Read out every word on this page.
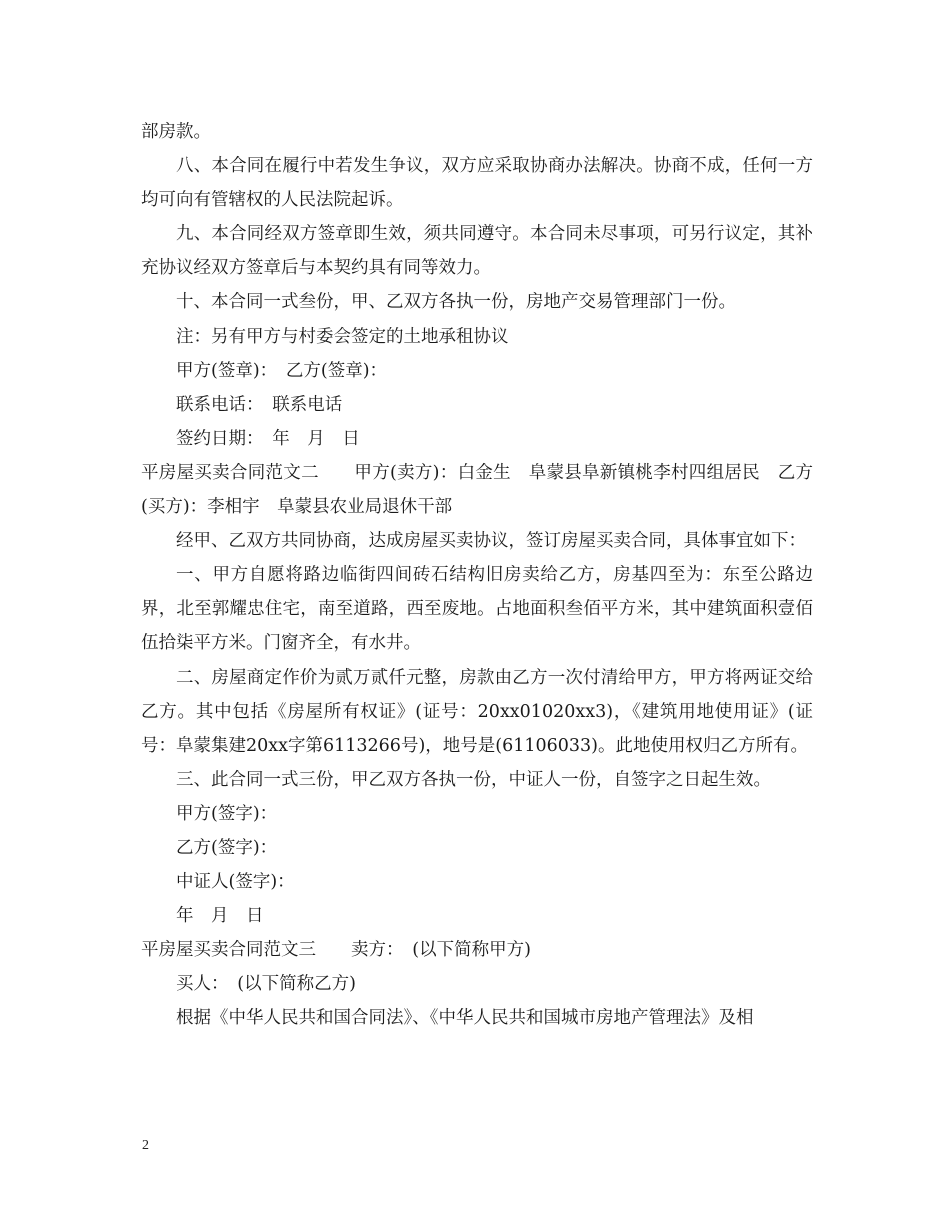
部房款。

八、本合同在履行中若发生争议，双方应采取协商办法解决。协商不成，任何一方均可向有管辖权的人民法院起诉。

九、本合同经双方签章即生效，须共同遵守。本合同未尽事项，可另行议定，其补充协议经双方签章后与本契约具有同等效力。

十、本合同一式叁份，甲、乙双方各执一份，房地产交易管理部门一份。

注：另有甲方与村委会签定的土地承租协议

甲方(签章)：　乙方(签章)：

联系电话：　联系电话

签约日期：　年　月　日

平房屋买卖合同范文二　　甲方(卖方)：白金生　阜蒙县阜新镇桃李村四组居民　乙方(买方)：李相宇　阜蒙县农业局退休干部

经甲、乙双方共同协商，达成房屋买卖协议，签订房屋买卖合同，具体事宜如下：

一、甲方自愿将路边临街四间砖石结构旧房卖给乙方，房基四至为：东至公路边界，北至郭耀忠住宅，南至道路，西至废地。占地面积叁佰平方米，其中建筑面积壹佰伍拾柒平方米。门窗齐全，有水井。

二、房屋商定作价为贰万贰仟元整，房款由乙方一次付清给甲方，甲方将两证交给乙方。其中包括《房屋所有权证》(证号：20xx01020xx3)，《建筑用地使用证》(证号：阜蒙集建20xx字第6113266号)，地号是(61106033)。此地使用权归乙方所有。

三、此合同一式三份，甲乙双方各执一份，中证人一份，自签字之日起生效。

甲方(签字)：

乙方(签字)：

中证人(签字)：

年　月　日

平房屋买卖合同范文三　　卖方：　(以下简称甲方)

买人：　(以下简称乙方)

根据《中华人民共和国合同法》、《中华人民共和国城市房地产管理法》及相

2
